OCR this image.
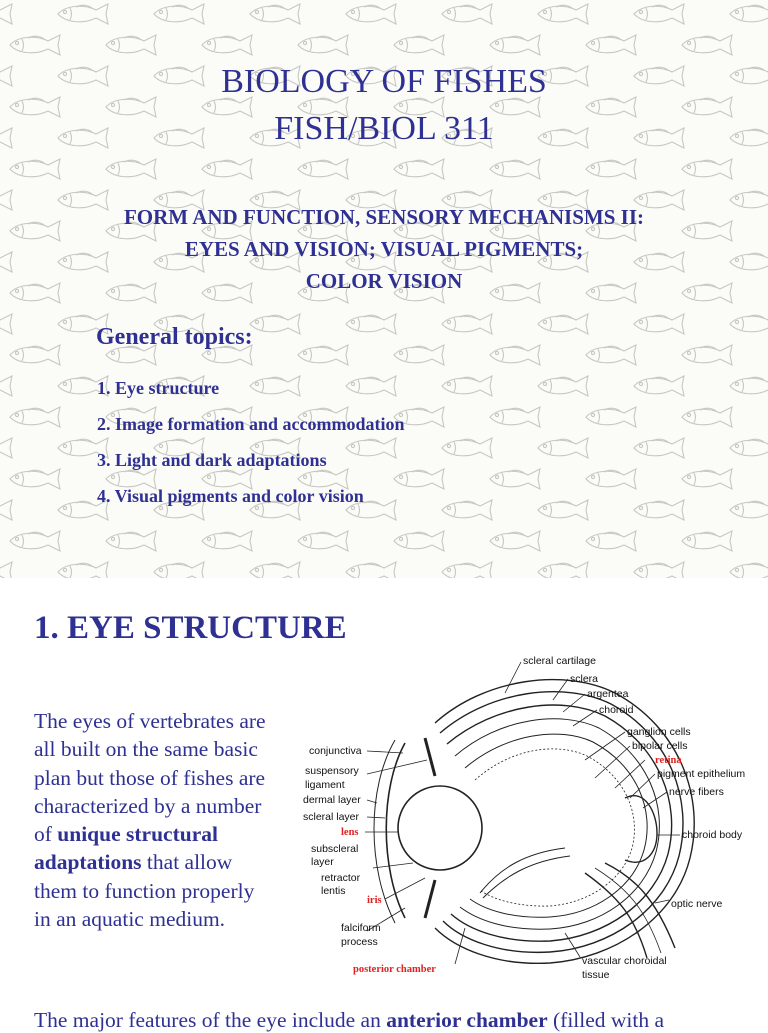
BIOLOGY OF FISHES
FISH/BIOL 311
FORM AND FUNCTION, SENSORY MECHANISMS II:
EYES AND VISION; VISUAL PIGMENTS;
COLOR VISION
General topics:
1. Eye structure
2. Image formation and accommodation
3. Light and dark adaptations
4. Visual pigments and color vision
1. EYE STRUCTURE
The eyes of vertebrates are all built on the same basic plan but those of fishes are characterized by a number of unique structural adaptations that allow them to function properly in an aquatic medium.
scleral cartilage
sclera
argentea
choroid
ganglion cells
bipolar cells
retina
pigment epithelium
nerve fibers
choroid body
optic nerve
vascular choroidal
tissue
posterior chamber
falciform
process
iris
retractor
lentis
subscleral
layer
lens
scleral layer
dermal layer
suspensory
ligament
conjunctiva
The major features of the eye include an anterior chamber (filled with a
